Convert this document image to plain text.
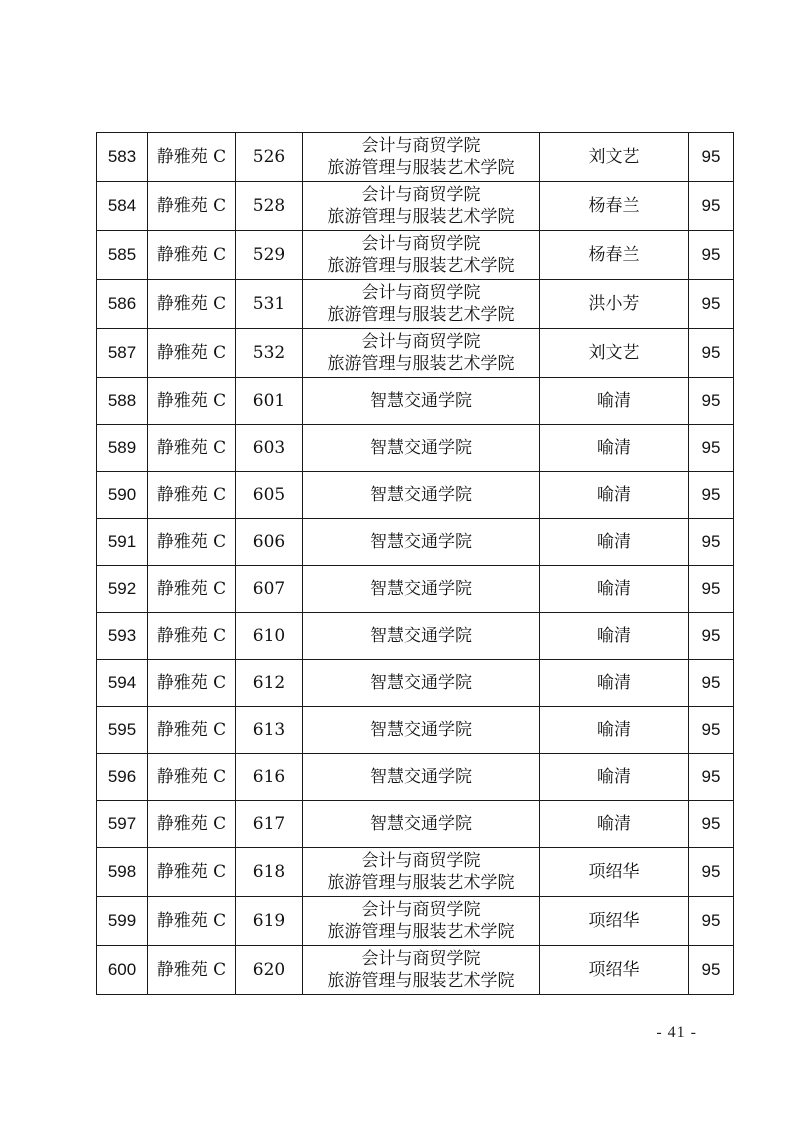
583	静雅苑 C	526	会计与商贸学院
旅游管理与服装艺术学院	刘文艺	95
584	静雅苑 C	528	会计与商贸学院
旅游管理与服装艺术学院	杨春兰	95
585	静雅苑 C	529	会计与商贸学院
旅游管理与服装艺术学院	杨春兰	95
586	静雅苑 C	531	会计与商贸学院
旅游管理与服装艺术学院	洪小芳	95
587	静雅苑 C	532	会计与商贸学院
旅游管理与服装艺术学院	刘文艺	95
588	静雅苑 C	601	智慧交通学院	喻清	95
589	静雅苑 C	603	智慧交通学院	喻清	95
590	静雅苑 C	605	智慧交通学院	喻清	95
591	静雅苑 C	606	智慧交通学院	喻清	95
592	静雅苑 C	607	智慧交通学院	喻清	95
593	静雅苑 C	610	智慧交通学院	喻清	95
594	静雅苑 C	612	智慧交通学院	喻清	95
595	静雅苑 C	613	智慧交通学院	喻清	95
596	静雅苑 C	616	智慧交通学院	喻清	95
597	静雅苑 C	617	智慧交通学院	喻清	95
598	静雅苑 C	618	会计与商贸学院
旅游管理与服装艺术学院	项绍华	95
599	静雅苑 C	619	会计与商贸学院
旅游管理与服装艺术学院	项绍华	95
600	静雅苑 C	620	会计与商贸学院
旅游管理与服装艺术学院	项绍华	95
- 41 -
